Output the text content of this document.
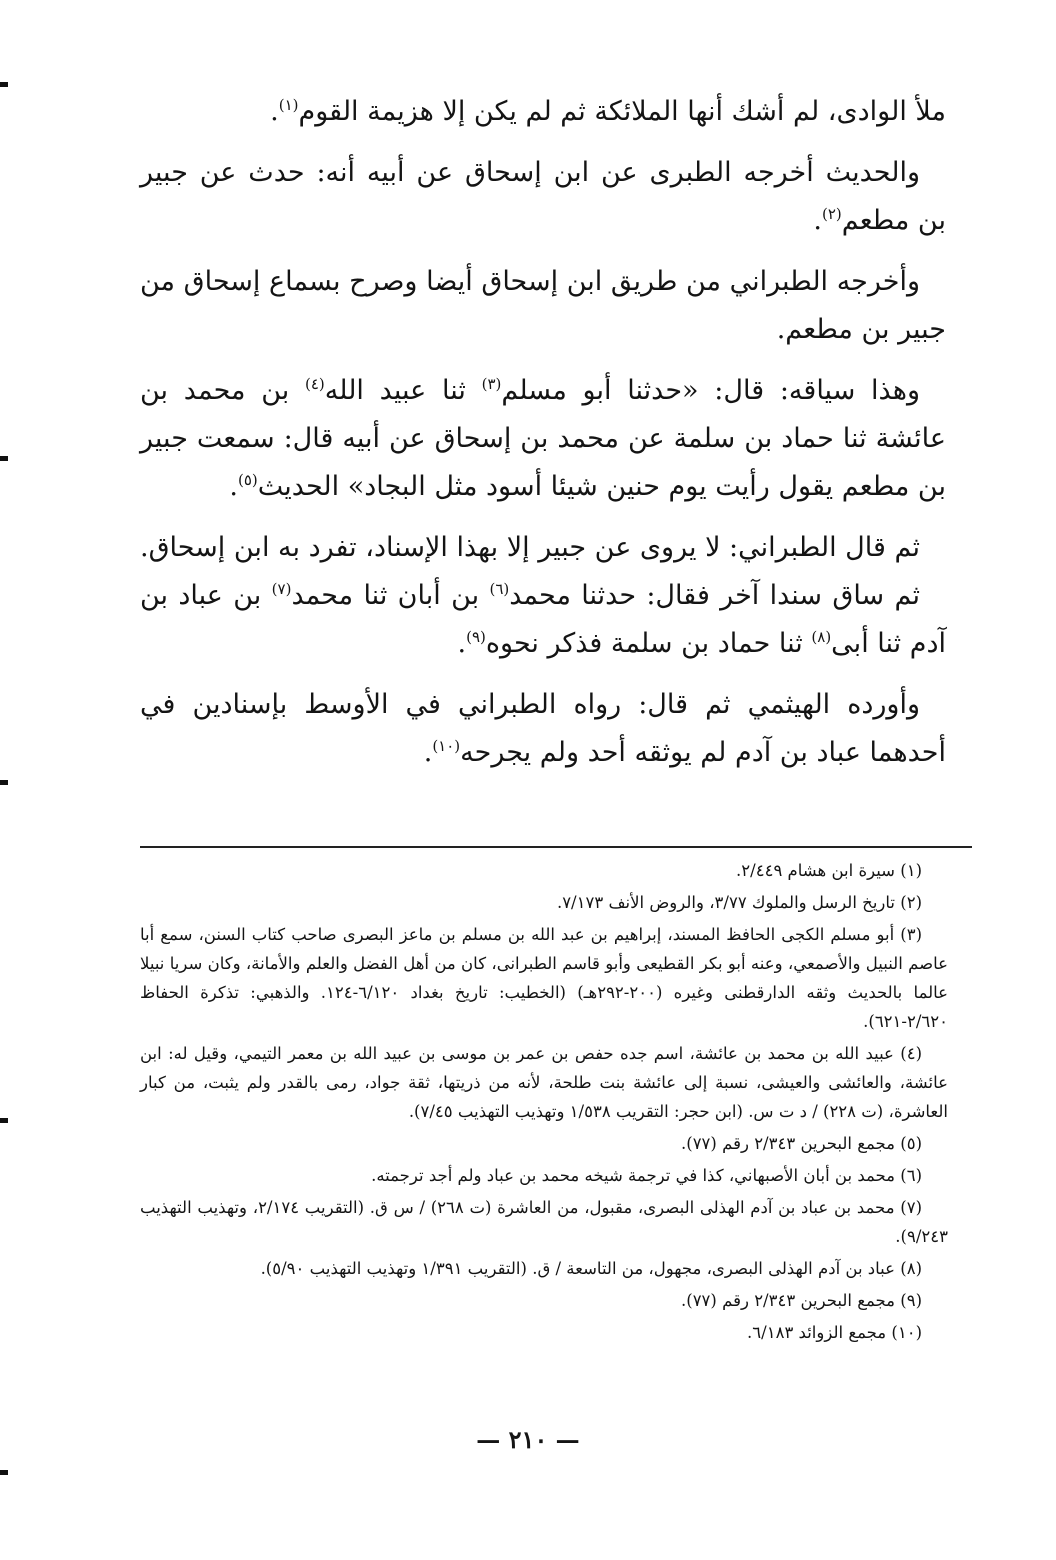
ملأ الوادى، لم أشك أنها الملائكة ثم لم يكن إلا هزيمة القوم$^{(١)}$.

والحديث أخرجه الطبرى عن ابن إسحاق عن أبيه أنه: حدث عن جبير بن مطعم$^{(٢)}$.

وأخرجه الطبراني من طريق ابن إسحاق أيضا وصرح بسماع إسحاق من جبير بن مطعم.

وهذا سياقه: قال: «حدثنا أبو مسلم$^{(٣)}$ ثنا عبيد الله$^{(٤)}$ بن محمد بن عائشة ثنا حماد بن سلمة عن محمد بن إسحاق عن أبيه قال: سمعت جبير بن مطعم يقول رأيت يوم حنين شيئا أسود مثل البجاد» الحديث$^{(٥)}$.

ثم قال الطبراني: لا يروى عن جبير إلا بهذا الإسناد، تفرد به ابن إسحاق.

ثم ساق سندا آخر فقال: حدثنا محمد$^{(٦)}$ بن أبان ثنا محمد$^{(٧)}$ بن عباد بن آدم ثنا أبى$^{(٨)}$ ثنا حماد بن سلمة فذكر نحوه$^{(٩)}$.

وأورده الهيثمي ثم قال: رواه الطبراني في الأوسط بإسنادين في أحدهما عباد بن آدم لم يوثقه أحد ولم يجرحه$^{(١٠)}$.

(١) سيرة ابن هشام ٢/٤٤٩.

(٢) تاريخ الرسل والملوك ٣/٧٧، والروض الأنف ٧/١٧٣.

(٣) أبو مسلم الكجى الحافظ المسند، إبراهيم بن عبد الله بن مسلم بن ماعز البصرى صاحب كتاب السنن، سمع أبا عاصم النبيل والأصمعي، وعنه أبو بكر القطيعى وأبو قاسم الطبرانى، كان من أهل الفضل والعلم والأمانة، وكان سريا نبيلا عالما بالحديث وثقه الدارقطنى وغيره (٢٠٠-٢٩٢هـ) (الخطيب: تاريخ بغداد ٦/١٢٠-١٢٤. والذهبي: تذكرة الحفاظ ٢/٦٢٠-٦٢١).

(٤) عبيد الله بن محمد بن عائشة، اسم جده حفص بن عمر بن موسى بن عبيد الله بن معمر التيمي، وقيل له: ابن عائشة، والعائشى والعيشى، نسبة إلى عائشة بنت طلحة، لأنه من ذريتها، ثقة جواد، رمى بالقدر ولم يثبت، من كبار العاشرة، (ت ٢٢٨) / د ت س. (ابن حجر: التقريب ١/٥٣٨ وتهذيب التهذيب ٧/٤٥).

(٥) مجمع البحرين ٢/٣٤٣ رقم (٧٧).

(٦) محمد بن أبان الأصبهاني، كذا في ترجمة شيخه محمد بن عباد ولم أجد ترجمته.

(٧) محمد بن عباد بن آدم الهذلى البصرى، مقبول، من العاشرة (ت ٢٦٨) / س ق. (التقريب ٢/١٧٤، وتهذيب التهذيب ٩/٢٤٣).

(٨) عباد بن آدم الهذلى البصرى، مجهول، من التاسعة / ق. (التقريب ١/٣٩١ وتهذيب التهذيب ٥/٩٠).

(٩) مجمع البحرين ٢/٣٤٣ رقم (٧٧).

(١٠) مجمع الزوائد ٦/١٨٣.

— ٢١٠ —
